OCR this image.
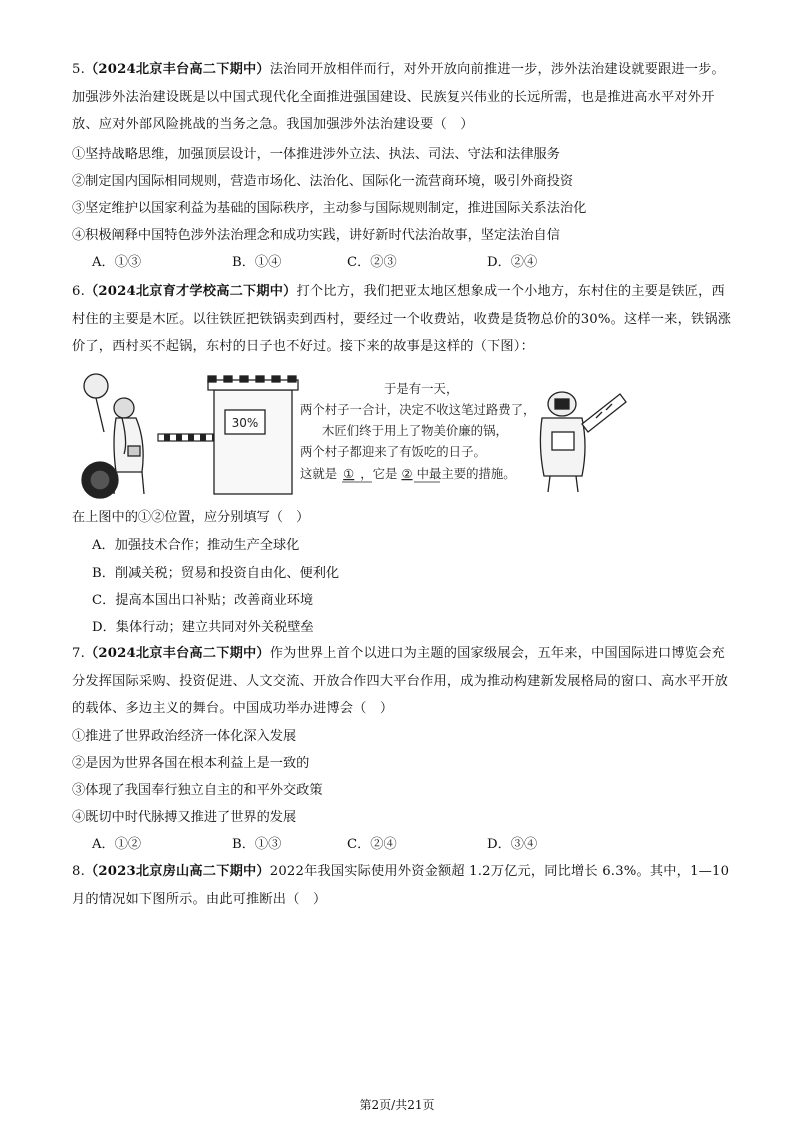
5.（2024北京丰台高二下期中）法治同开放相伴而行，对外开放向前推进一步，涉外法治建设就要跟进一步。加强涉外法治建设既是以中国式现代化全面推进强国建设、民族复兴伟业的长远所需，也是推进高水平对外开放、应对外部风险挑战的当务之急。我国加强涉外法治建设要（　）

①坚持战略思维，加强顶层设计，一体推进涉外立法、执法、司法、守法和法律服务

②制定国内国际相同规则，营造市场化、法治化、国际化一流营商环境，吸引外商投资

③坚定维护以国家利益为基础的国际秩序，主动参与国际规则制定，推进国际关系法治化

④积极阐释中国特色涉外法治理念和成功实践，讲好新时代法治故事，坚定法治自信

A．①③	B．①④	C．②③	D．②④

6.（2024北京育才学校高二下期中）打个比方，我们把亚太地区想象成一个小地方，东村住的主要是铁匠，西村住的主要是木匠。以往铁匠把铁锅卖到西村，要经过一个收费站，收费是货物总价的30%。这样一来，铁锅涨价了，西村买不起锅，东村的日子也不好过。接下来的故事是这样的（下图）：

30%
于是有一天，
两个村子一合计，决定不收这笔过路费了，
木匠们终于用上了物美价廉的锅，
两个村子都迎来了有饭吃的日子。
这就是 ① ，它是 ② 中最主要的措施。

在上图中的①②位置，应分别填写（　）

A．加强技术合作；推动生产全球化
B．削减关税；贸易和投资自由化、便利化
C．提高本国出口补贴；改善商业环境
D．集体行动；建立共同对外关税壁垒

7.（2024北京丰台高二下期中）作为世界上首个以进口为主题的国家级展会，五年来，中国国际进口博览会充分发挥国际采购、投资促进、人文交流、开放合作四大平台作用，成为推动构建新发展格局的窗口、高水平开放的载体、多边主义的舞台。中国成功举办进博会（　）

①推进了世界政治经济一体化深入发展

②是因为世界各国在根本利益上是一致的

③体现了我国奉行独立自主的和平外交政策

④既切中时代脉搏又推进了世界的发展

A．①②	B．①③	C．②④	D．③④

8.（2023北京房山高二下期中）2022年我国实际使用外资金额超 1.2万亿元，同比增长 6.3%。其中，1—10月的情况如下图所示。由此可推断出（　）

第2页/共21页
